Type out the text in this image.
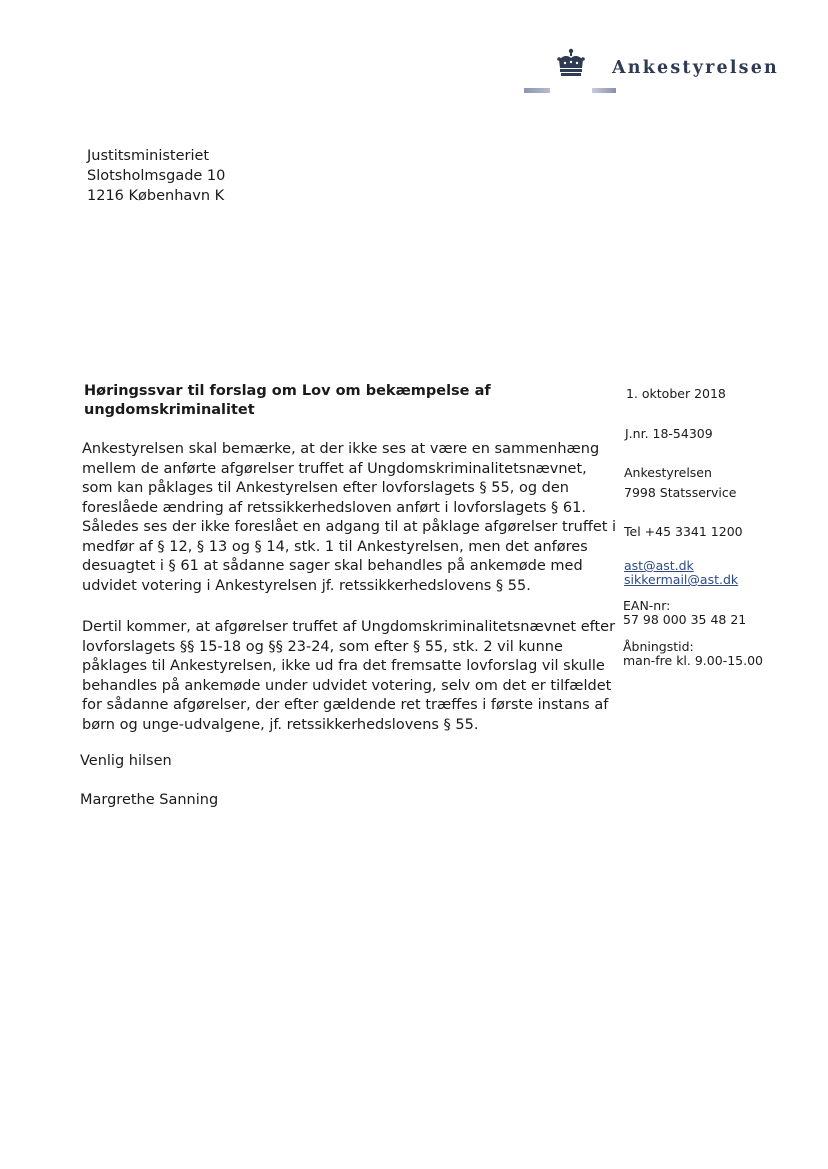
Ankestyrelsen
Justitsministeriet
Slotsholmsgade 10
1216 København K
Høringssvar til forslag om Lov om bekæmpelse af ungdomskriminalitet
Ankestyrelsen skal bemærke, at der ikke ses at være en sammenhæng
mellem de anførte afgørelser truffet af Ungdomskriminalitetsnævnet,
som kan påklages til Ankestyrelsen efter lovforslagets § 55, og den
foreslåede ændring af retssikkerhedsloven anført i lovforslagets § 61.
Således ses der ikke foreslået en adgang til at påklage afgørelser truffet i
medfør af § 12, § 13 og § 14, stk. 1 til Ankestyrelsen, men det anføres
desuagtet i § 61 at sådanne sager skal behandles på ankemøde med
udvidet votering i Ankestyrelsen jf. retssikkerhedslovens § 55.
Dertil kommer, at afgørelser truffet af Ungdomskriminalitetsnævnet efter
lovforslagets §§ 15-18 og §§ 23-24, som efter § 55, stk. 2 vil kunne
påklages til Ankestyrelsen, ikke ud fra det fremsatte lovforslag vil skulle
behandles på ankemøde under udvidet votering, selv om det er tilfældet
for sådanne afgørelser, der efter gældende ret træffes i første instans af
børn og unge-udvalgene, jf. retssikkerhedslovens § 55.
Venlig hilsen
Margrethe Sanning
1. oktober 2018
J.nr. 18-54309
Ankestyrelsen
7998 Statsservice
Tel +45 3341 1200
ast@ast.dk
sikkermail@ast.dk
EAN-nr:
57 98 000 35 48 21
Åbningstid:
man-fre kl. 9.00-15.00
